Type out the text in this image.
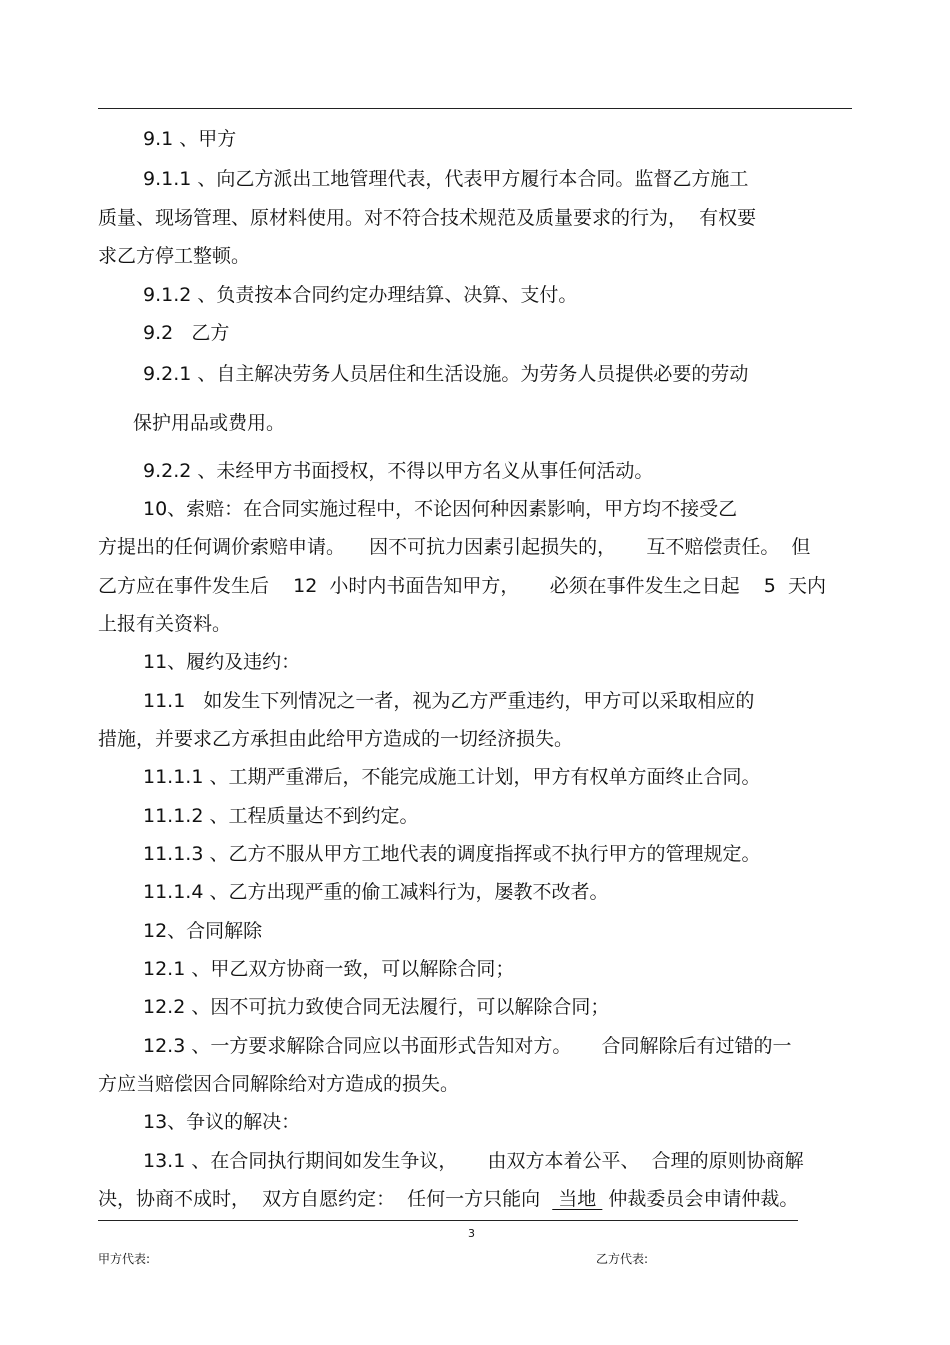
9.1 、甲方
9.1.1 、向乙方派出工地管理代表，代表甲方履行本合同。监督乙方施工
质量、现场管理、原材料使用。对不符合技术规范及质量要求的行为，  有权要
求乙方停工整顿。
9.1.2 、负责按本合同约定办理结算、决算、支付。
9.2   乙方
9.2.1 、自主解决劳务人员居住和生活设施。为劳务人员提供必要的劳动
保护用品或费用。
9.2.2 、未经甲方书面授权，不得以甲方名义从事任何活动。
10、索赔：在合同实施过程中，不论因何种因素影响，甲方均不接受乙
方提出的任何调价索赔申请。    因不可抗力因素引起损失的，     互不赔偿责任。  但
乙方应在事件发生后    12  小时内书面告知甲方，     必须在事件发生之日起    5  天内
上报有关资料。
11、履约及违约：
11.1   如发生下列情况之一者，视为乙方严重违约，甲方可以采取相应的
措施，并要求乙方承担由此给甲方造成的一切经济损失。
11.1.1 、工期严重滞后，不能完成施工计划，甲方有权单方面终止合同。
11.1.2 、工程质量达不到约定。
11.1.3 、乙方不服从甲方工地代表的调度指挥或不执行甲方的管理规定。
11.1.4 、乙方出现严重的偷工减料行为，屡教不改者。
12、合同解除
12.1 、甲乙双方协商一致，可以解除合同；
12.2 、因不可抗力致使合同无法履行，可以解除合同；
12.3 、一方要求解除合同应以书面形式告知对方。     合同解除后有过错的一
方应当赔偿因合同解除给对方造成的损失。
13、争议的解决：
13.1 、在合同执行期间如发生争议，     由双方本着公平、  合理的原则协商解
决，协商不成时，  双方自愿约定：  任何一方只能向   当地  仲裁委员会申请仲裁。
3
甲方代表:	乙方代表:
